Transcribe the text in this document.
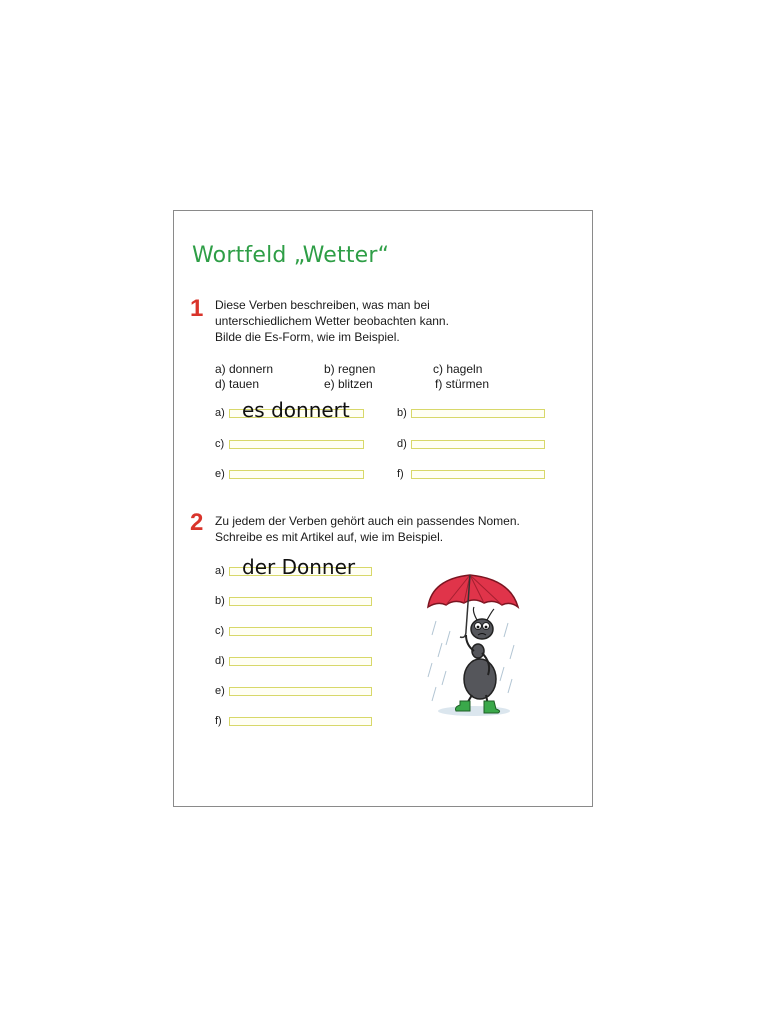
Wortfeld „Wetter“
1 Diese Verben beschreiben, was man bei
unterschiedlichem Wetter beobachten kann.
Bilde die Es-Form, wie im Beispiel.
a) donnern	b) regnen	c) hageln
d) tauen	e) blitzen	f) stürmen
a) es donnert	b)
c)	d)
e)	f)
2 Zu jedem der Verben gehört auch ein passendes Nomen.
Schreibe es mit Artikel auf, wie im Beispiel.
a) der Donner
b)
c)
d)
e)
f)
